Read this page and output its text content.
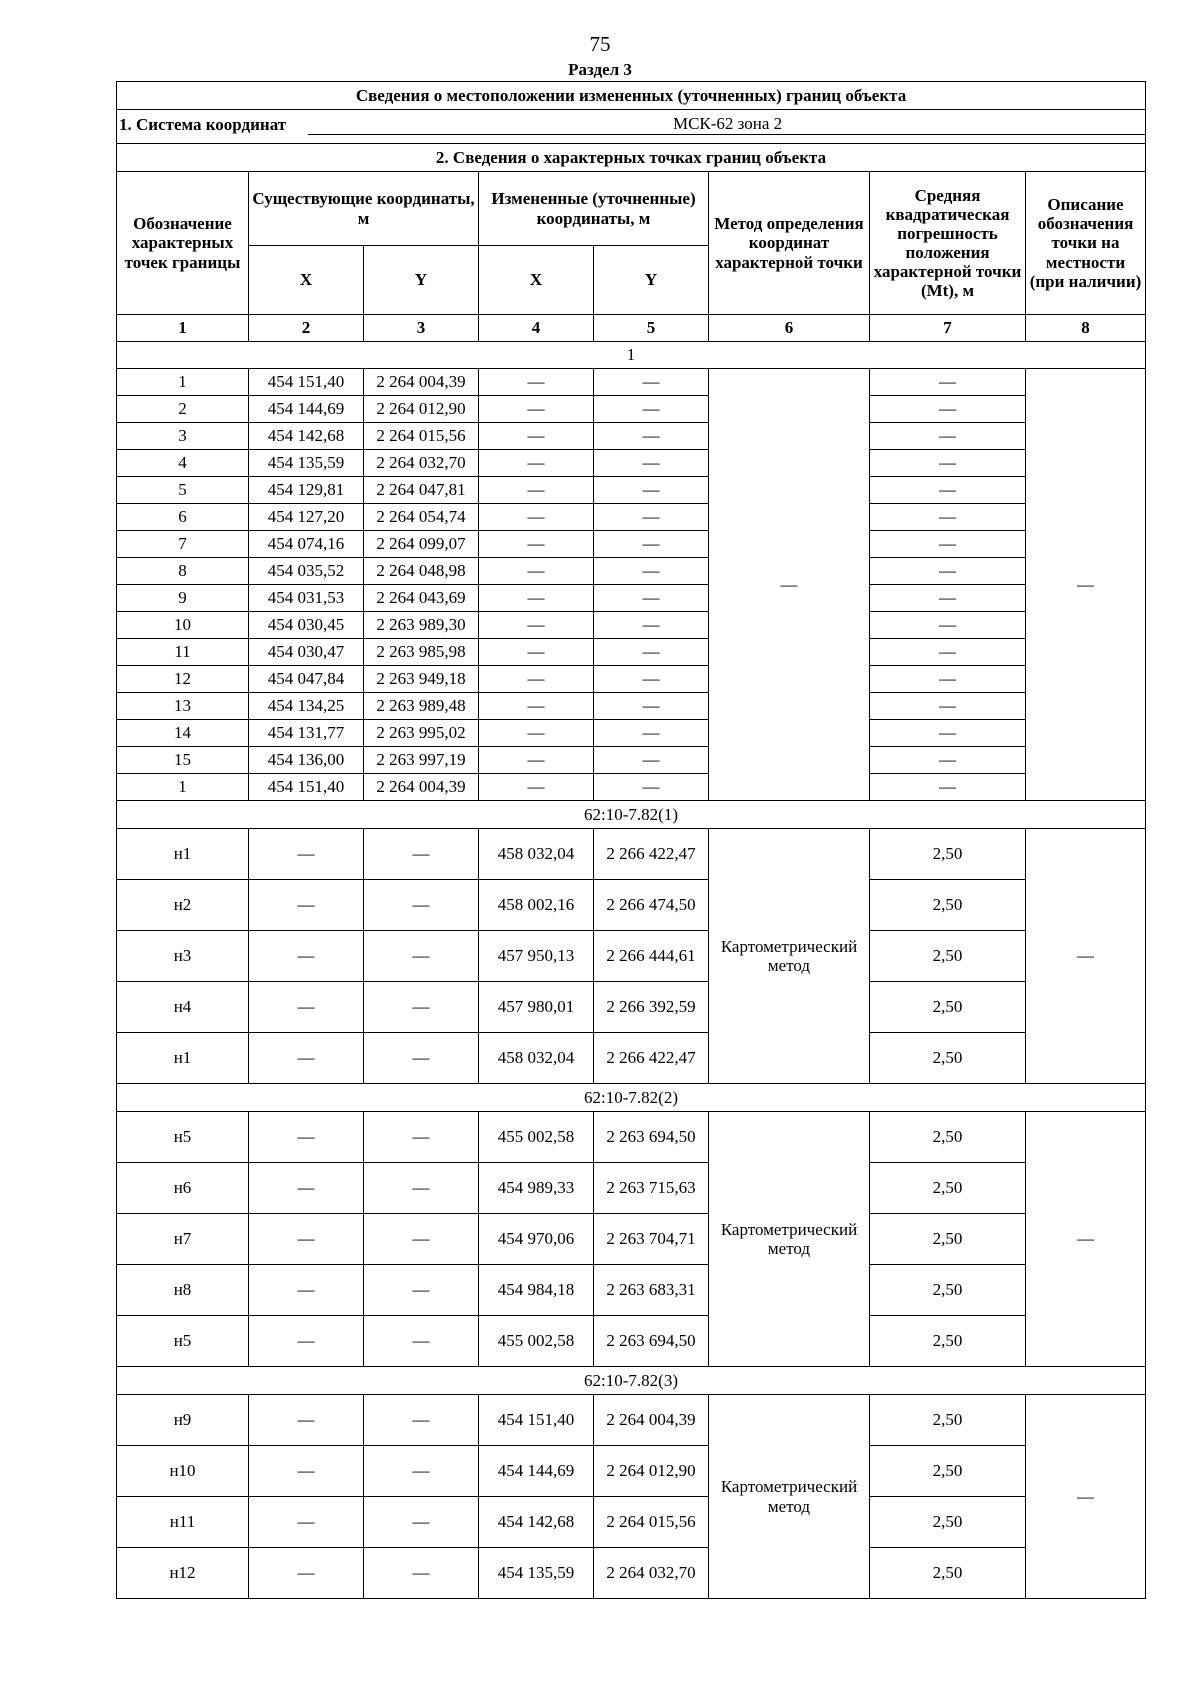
75
Раздел 3
Сведения о местоположении измененных (уточненных) границ объекта							

1. Система координат МСК-62 зона 2							

2. Сведения о характерных точках границ объекта							
Обозначение характерных точек границы	Существующие координаты, м		Измененные (уточненные) координаты, м		Метод определения координат характерной точки	Средняя квадратическая погрешность положения характерной точки (Mt), м	Описание обозначения точки на местности (при наличии)
	X	Y	X	Y			
1	2	3	4	5	6	7	8
1							
1	454 151,40	2 264 004,39	—	—	—	—	—
2	454 144,69	2 264 012,90	—	—		—	
3	454 142,68	2 264 015,56	—	—		—	
4	454 135,59	2 264 032,70	—	—		—	
5	454 129,81	2 264 047,81	—	—		—	
6	454 127,20	2 264 054,74	—	—		—	
7	454 074,16	2 264 099,07	—	—		—	
8	454 035,52	2 264 048,98	—	—		—	
9	454 031,53	2 264 043,69	—	—		—	
10	454 030,45	2 263 989,30	—	—		—	
11	454 030,47	2 263 985,98	—	—		—	
12	454 047,84	2 263 949,18	—	—		—	
13	454 134,25	2 263 989,48	—	—		—	
14	454 131,77	2 263 995,02	—	—		—	
15	454 136,00	2 263 997,19	—	—		—	
1	454 151,40	2 264 004,39	—	—		—	
62:10-7.82(1)							
н1	—	—	458 032,04	2 266 422,47	Картометрический метод	2,50	—
н2	—	—	458 002,16	2 266 474,50		2,50	
н3	—	—	457 950,13	2 266 444,61		2,50	
н4	—	—	457 980,01	2 266 392,59		2,50	
н1	—	—	458 032,04	2 266 422,47		2,50	
62:10-7.82(2)							
н5	—	—	455 002,58	2 263 694,50	Картометрический метод	2,50	—
н6	—	—	454 989,33	2 263 715,63		2,50	
н7	—	—	454 970,06	2 263 704,71		2,50	
н8	—	—	454 984,18	2 263 683,31		2,50	
н5	—	—	455 002,58	2 263 694,50		2,50	
62:10-7.82(3)							
н9	—	—	454 151,40	2 264 004,39	Картометрический метод	2,50	—
н10	—	—	454 144,69	2 264 012,90		2,50	
н11	—	—	454 142,68	2 264 015,56		2,50	
н12	—	—	454 135,59	2 264 032,70		2,50	
